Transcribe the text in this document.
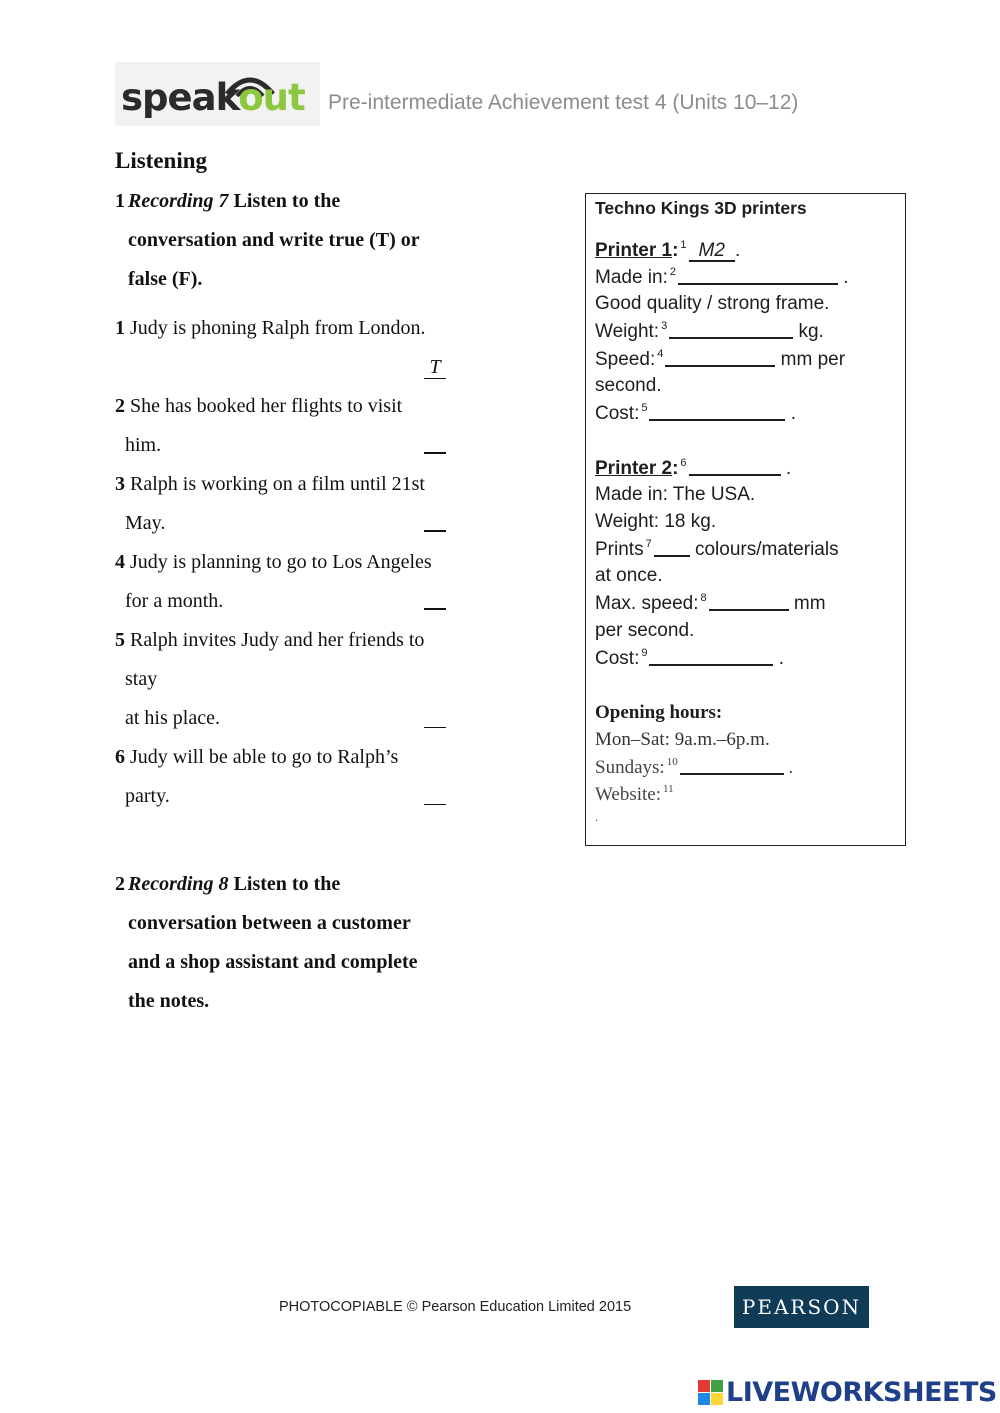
speakout Pre-intermediate Achievement test 4 (Units 10–12)
Listening
1 Recording 7 Listen to the
conversation and write true (T) or
false (F).
1 Judy is phoning Ralph from London.
T
2 She has booked her flights to visit
him.
3 Ralph is working on a film until 21st
May.
4 Judy is planning to go to Los Angeles
for a month.
5 Ralph invites Judy and her friends to
stay
at his place.
6 Judy will be able to go to Ralph’s
party.
2 Recording 8 Listen to the
conversation between a customer
and a shop assistant and complete
the notes.
Techno Kings 3D printers
Printer 1: $^1$ M2 .
Made in: $^2$	.
Good quality / strong frame.
Weight: $^3$	kg.
Speed: $^4$	mm per
second.
Cost: $^5$	.
Printer 2: $^6$	.
Made in: The USA.
Weight: 18 kg.
Prints $^7$ colours/materials
at once.
Max. speed: $^8$	mm
per second.
Cost: $^9$	.
Opening hours:
Mon–Sat: 9a.m.–6p.m.
Sundays: $^{10}$	.
Website: $^{11}$
.
PHOTOCOPIABLE © Pearson Education Limited 2015	PEARSON
LIVEWORKSHEETS
